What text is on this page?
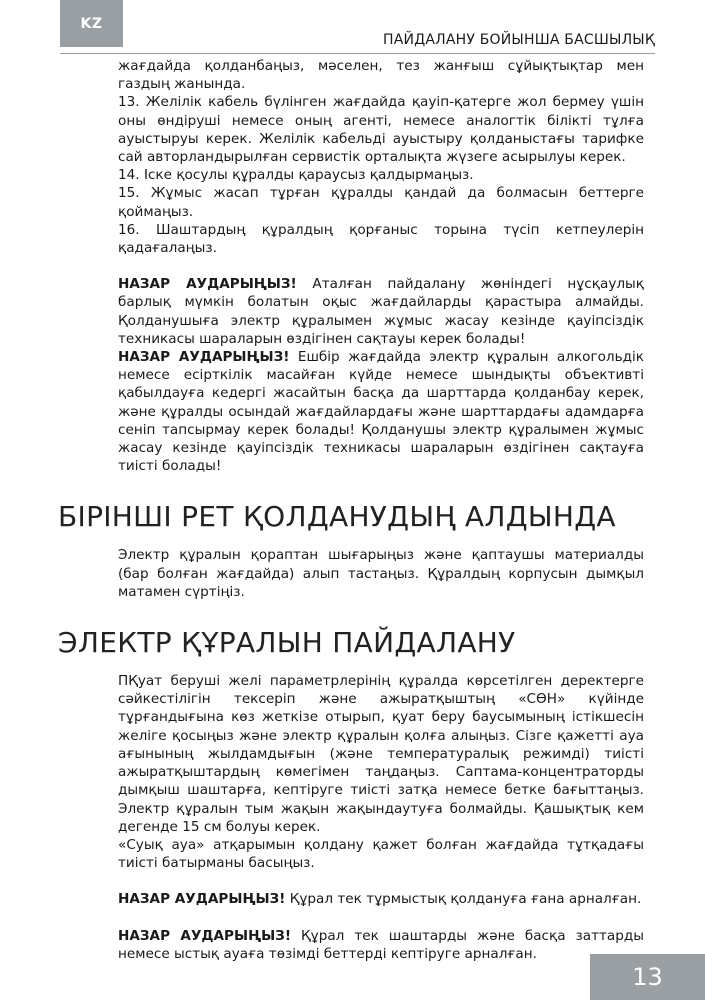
KZ
ПАЙДАЛАНУ БОЙЫНША БАСШЫЛЫҚ

жағдайда қолданбаңыз, мәселен, тез жанғыш сұйықтықтар мен газдың жанында.

13. Желілік кабель бүлінген жағдайда қауіп-қатерге жол бермеу үшін оны өндіруші немесе оның агенті, немесе аналогтік білікті тұлға ауыстыруы керек. Желілік кабельді ауыстыру қолданыстағы тарифке сай авторландырылған сервистік орталықта жүзеге асырылуы керек.

14. Іске қосулы құралды қараусыз қалдырмаңыз.

15. Жұмыс жасап тұрған құралды қандай да болмасын беттерге қоймаңыз.

16. Шаштардың құралдың қорғаныс торына түсіп кетпеулерін қадағалаңыз.

НАЗАР АУДАРЫҢЫЗ! Аталған пайдалану жөніндегі нұсқаулық барлық мүмкін болатын оқыс жағдайларды қарастыра алмайды. Қолданушыға электр құралымен жұмыс жасау кезінде қауіпсіздік техникасы шараларын өздігінен сақтауы керек болады!

НАЗАР АУДАРЫҢЫЗ! Ешбір жағдайда электр құралын алкогольдік немесе есірткілік масайған күйде немесе шындықты объективті қабылдауға кедергі жасайтын басқа да шарттарда қолданбау керек, және құралды осындай жағдайлардағы және шарттардағы адамдарға сеніп тапсырмау керек болады! Қолданушы электр құралымен жұмыс жасау кезінде қауіпсіздік техникасы шараларын өздігінен сақтауға тиісті болады!

БІРІНШІ РЕТ ҚОЛДАНУДЫҢ АЛДЫНДА

Электр құралын қораптан шығарыңыз және қаптаушы материалды (бар болған жағдайда) алып тастаңыз. Құралдың корпусын дымқыл матамен сүртіңіз.

ЭЛЕКТР ҚҰРАЛЫН ПАЙДАЛАНУ

ПҚуат беруші желі параметрлерінің құралда көрсетілген деректерге сәйкестілігін тексеріп және ажыратқыштың «СӨН» күйінде тұрғандығына көз жеткізе отырып, қуат беру баусымының істікшесін желіге қосыңыз және электр құралын қолға алыңыз. Сізге қажетті ауа ағынының жылдамдығын (және температуралық режимді) тиісті ажыратқыштардың көмегімен таңдаңыз. Саптама-концентраторды дымқыш шаштарға, кептіруге тиісті затқа немесе бетке бағыттаңыз. Электр құралын тым жақын жақындаутуға болмайды. Қашықтық кем дегенде 15 см болуы керек.

«Суық ауа» атқарымын қолдану қажет болған жағдайда тұтқадағы тиісті батырманы басыңыз.

НАЗАР АУДАРЫҢЫЗ! Құрал тек тұрмыстық қолдануға ғана арналған.

НАЗАР АУДАРЫҢЫЗ! Құрал тек шаштарды және басқа заттарды немесе ыстық ауаға төзімді беттерді кептіруге арналған.

13
